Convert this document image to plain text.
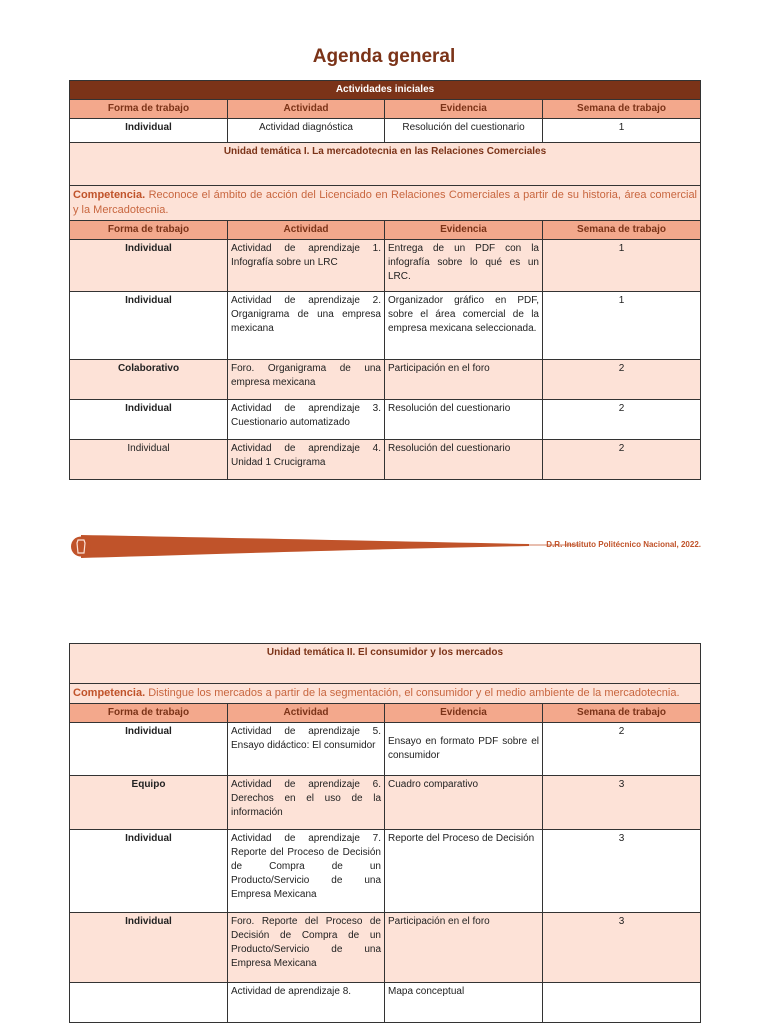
Agenda general
Actividades iniciales			
Forma de trabajo	Actividad	Evidencia	Semana de trabajo
Individual	Actividad diagnóstica	Resolución del cuestionario	1
Unidad temática I. La mercadotecnia en las Relaciones Comerciales			
Competencia. Reconoce el ámbito de acción del Licenciado en Relaciones Comerciales a partir de su historia, área comercial y la Mercadotecnia.			
Forma de trabajo	Actividad	Evidencia	Semana de trabajo
Individual	Actividad de aprendizaje 1. Infografía sobre un LRC	Entrega de un PDF con la infografía sobre lo qué es un LRC.	1
Individual	Actividad de aprendizaje 2. Organigrama de una empresa mexicana	Organizador gráfico en PDF, sobre el área comercial de la empresa mexicana seleccionada.	1
Colaborativo	Foro. Organigrama de una empresa mexicana	Participación en el foro	2
Individual	Actividad de aprendizaje 3. Cuestionario automatizado	Resolución del cuestionario	2
Individual	Actividad de aprendizaje 4. Unidad 1 Crucigrama	Resolución del cuestionario	2
D.R. Instituto Politécnico Nacional, 2022.
Unidad temática II. El consumidor y los mercados			
Competencia. Distingue los mercados a partir de la segmentación, el consumidor y el medio ambiente de la mercadotecnia.			
Forma de trabajo	Actividad	Evidencia	Semana de trabajo
Individual	Actividad de aprendizaje 5. Ensayo didáctico: El consumidor	Ensayo en formato PDF sobre el consumidor	2
Equipo	Actividad de aprendizaje 6. Derechos en el uso de la información	Cuadro comparativo	3
Individual	Actividad de aprendizaje 7. Reporte del Proceso de Decisión de Compra de un Producto/Servicio de una Empresa Mexicana	Reporte del Proceso de Decisión	3
Individual	Foro. Reporte del Proceso de Decisión de Compra de un Producto/Servicio de una Empresa Mexicana	Participación en el foro	3
	Actividad de aprendizaje 8.	Mapa conceptual	
